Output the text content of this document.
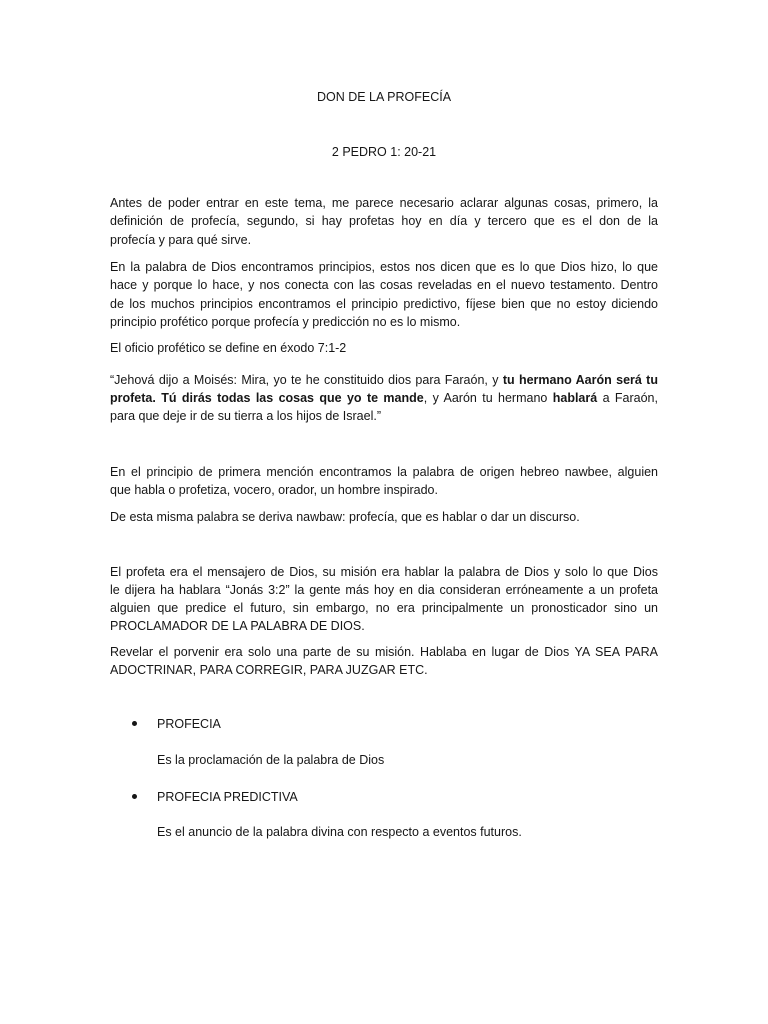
DON DE LA PROFECÍA
2 PEDRO 1: 20-21
Antes de poder entrar en este tema, me parece necesario aclarar algunas cosas, primero, la
definición de profecía, segundo, si hay profetas hoy en día y tercero que es el don de la
profecía y para qué sirve.
En la palabra de Dios encontramos principios, estos nos dicen que es lo que Dios hizo, lo que
hace y porque lo hace, y nos conecta con las cosas reveladas en el nuevo testamento. Dentro
de los muchos principios encontramos el principio predictivo, fíjese bien que no estoy diciendo
principio profético porque profecía y predicción no es lo mismo.
El oficio profético se define en éxodo 7:1-2
“Jehová dijo a Moisés: Mira, yo te he constituido dios para Faraón, y tu hermano Aarón será tu
profeta. Tú dirás todas las cosas que yo te mande, y Aarón tu hermano hablará a Faraón,
para que deje ir de su tierra a los hijos de Israel.”
En el principio de primera mención encontramos la palabra de origen hebreo nawbee, alguien
que habla o profetiza, vocero, orador, un hombre inspirado.
De esta misma palabra se deriva nawbaw: profecía, que es hablar o dar un discurso.
El profeta era el mensajero de Dios, su misión era hablar la palabra de Dios y solo lo que Dios
le dijera ha hablara “Jonás 3:2” la gente más hoy en dia consideran erróneamente a un profeta
alguien que predice el futuro, sin embargo, no era principalmente un pronosticador sino un
PROCLAMADOR DE LA PALABRA DE DIOS.
Revelar el porvenir era solo una parte de su misión. Hablaba en lugar de Dios YA SEA PARA
ADOCTRINAR, PARA CORREGIR, PARA JUZGAR ETC.
PROFECIA
Es la proclamación de la palabra de Dios
PROFECIA PREDICTIVA
Es el anuncio de la palabra divina con respecto a eventos futuros.
